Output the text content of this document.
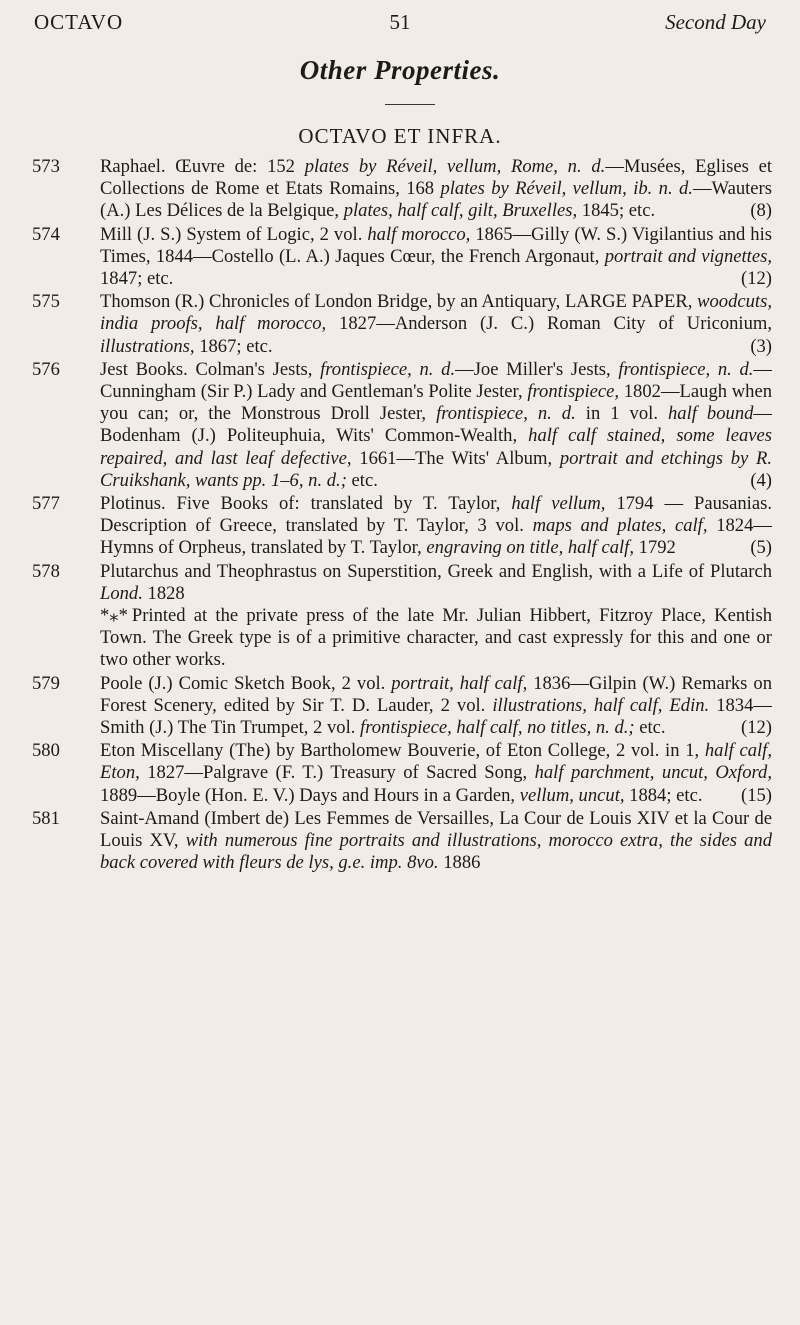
OCTAVO	51	Second Day
Other Properties.
OCTAVO ET INFRA.
573	Raphael. Œuvre de: 152 plates by Réveil, vellum, Rome, n. d.—Musées, Eglises et Collections de Rome et Etats Romains, 168 plates by Réveil, vellum, ib. n. d.—Wauters (A.) Les Délices de la Belgique, plates, half calf, gilt, Bruxelles, 1845; etc.	(8)
574	Mill (J. S.) System of Logic, 2 vol. half morocco, 1865—Gilly (W. S.) Vigilantius and his Times, 1844—Costello (L. A.) Jaques Cœur, the French Argonaut, portrait and vignettes, 1847; etc.	(12)
575	Thomson (R.) Chronicles of London Bridge, by an Antiquary, LARGE PAPER, woodcuts, india proofs, half morocco, 1827—Anderson (J. C.) Roman City of Uriconium, illustrations, 1867; etc.	(3)
576	Jest Books. Colman's Jests, frontispiece, n. d.—Joe Miller's Jests, frontispiece, n. d.—Cunningham (Sir P.) Lady and Gentleman's Polite Jester, frontispiece, 1802—Laugh when you can; or, the Monstrous Droll Jester, frontispiece, n. d. in 1 vol. half bound—Bodenham (J.) Politeuphuia, Wits' Common-Wealth, half calf stained, some leaves repaired, and last leaf defective, 1661—The Wits' Album, portrait and etchings by R. Cruikshank, wants pp. 1–6, n. d.; etc.	(4)
577	Plotinus. Five Books of: translated by T. Taylor, half vellum, 1794 — Pausanias. Description of Greece, translated by T. Taylor, 3 vol. maps and plates, calf, 1824—Hymns of Orpheus, translated by T. Taylor, engraving on title, half calf, 1792	(5)
578	Plutarchus and Theophrastus on Superstition, Greek and English, with a Life of Plutarch Lond. 1828
*⁎* Printed at the private press of the late Mr. Julian Hibbert, Fitzroy Place, Kentish Town. The Greek type is of a primitive character, and cast expressly for this and one or two other works.
579	Poole (J.) Comic Sketch Book, 2 vol. portrait, half calf, 1836—Gilpin (W.) Remarks on Forest Scenery, edited by Sir T. D. Lauder, 2 vol. illustrations, half calf, Edin. 1834—Smith (J.) The Tin Trumpet, 2 vol. frontispiece, half calf, no titles, n. d.; etc.	(12)
580	Eton Miscellany (The) by Bartholomew Bouverie, of Eton College, 2 vol. in 1, half calf, Eton, 1827—Palgrave (F. T.) Treasury of Sacred Song, half parchment, uncut, Oxford, 1889—Boyle (Hon. E. V.) Days and Hours in a Garden, vellum, uncut, 1884; etc. (15)
581	Saint-Amand (Imbert de) Les Femmes de Versailles, La Cour de Louis XIV et la Cour de Louis XV, with numerous fine portraits and illustrations, morocco extra, the sides and back covered with fleurs de lys, g.e. imp. 8vo. 1886
